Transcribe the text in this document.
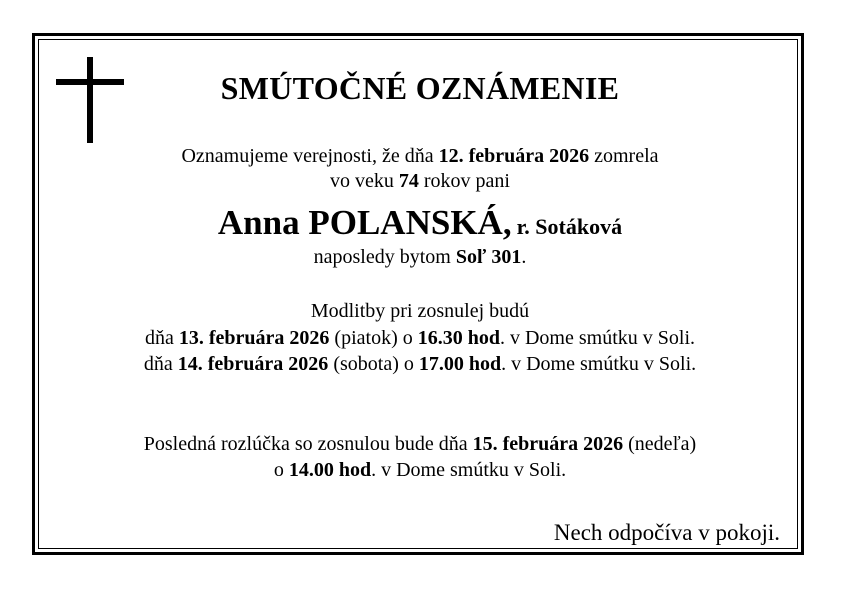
SMÚTOČNÉ OZNÁMENIE
Oznamujeme verejnosti, že dňa 12. februára 2026 zomrela
vo veku 74 rokov pani
Anna POLANSKÁ, r. Sotáková
naposledy bytom Soľ 301.
Modlitby pri zosnulej budú
dňa 13. februára 2026 (piatok) o 16.30 hod. v Dome smútku v Soli.
dňa 14. februára 2026 (sobota) o 17.00 hod. v Dome smútku v Soli.
Posledná rozlúčka so zosnulou bude dňa 15. februára 2026 (nedeľa)
o 14.00 hod. v Dome smútku v Soli.
Nech odpočíva v pokoji.
